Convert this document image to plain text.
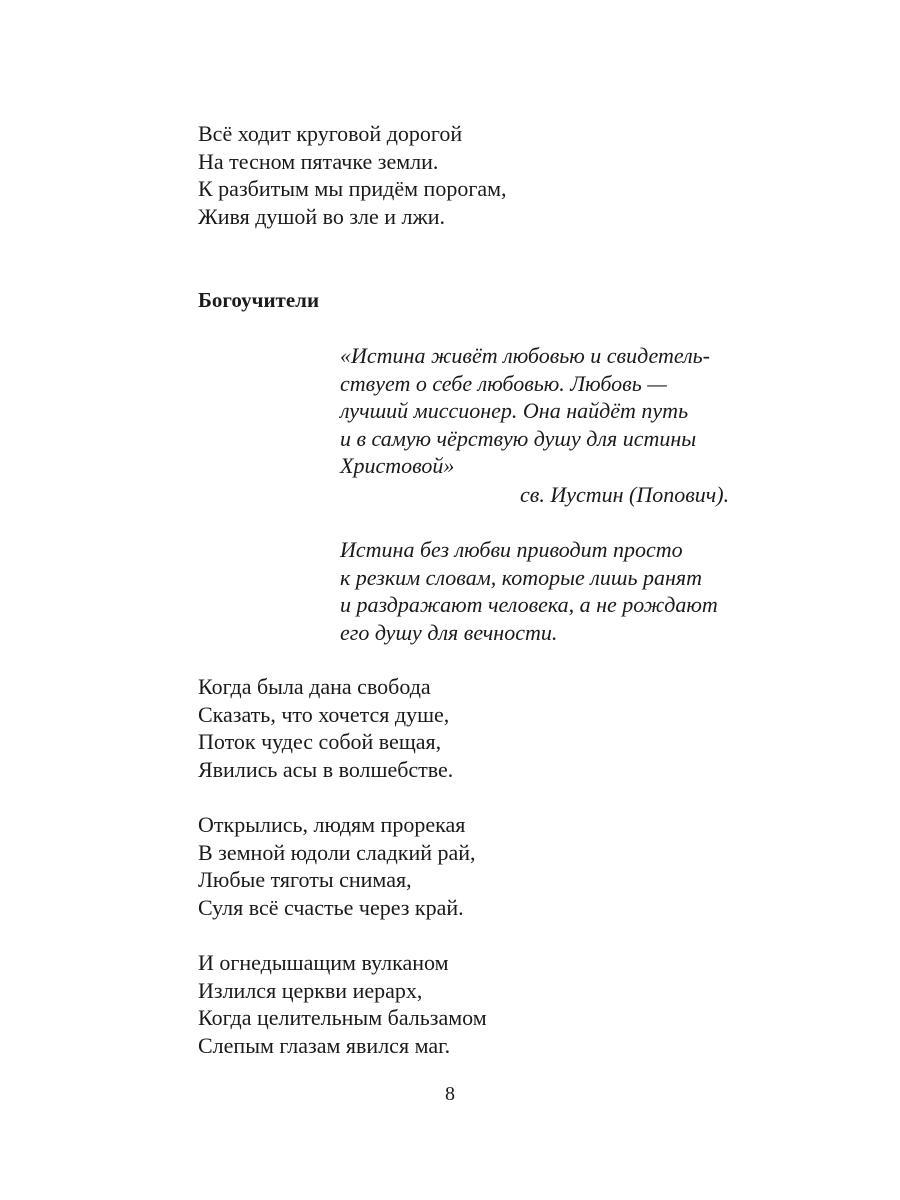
Всё ходит круговой дорогой
На тесном пятачке земли.
К разбитым мы придём порогам,
Живя душой во зле и лжи.
Богоучители
«Истина живёт любовью и свидетель-
ствует о себе любовью. Любовь —
лучший миссионер. Она найдёт путь
и в самую чёрствую душу для истины
Христовой»
св. Иустин (Попович).
Истина без любви приводит просто
к резким словам, которые лишь ранят
и раздражают человека, а не рождают
его душу для вечности.
Когда была дана свобода
Сказать, что хочется душе,
Поток чудес собой вещая,
Явились асы в волшебстве.
Открылись, людям прорекая
В земной юдоли сладкий рай,
Любые тяготы снимая,
Суля всё счастье через край.
И огнедышащим вулканом
Излился церкви иерарх,
Когда целительным бальзамом
Слепым глазам явился маг.
8
